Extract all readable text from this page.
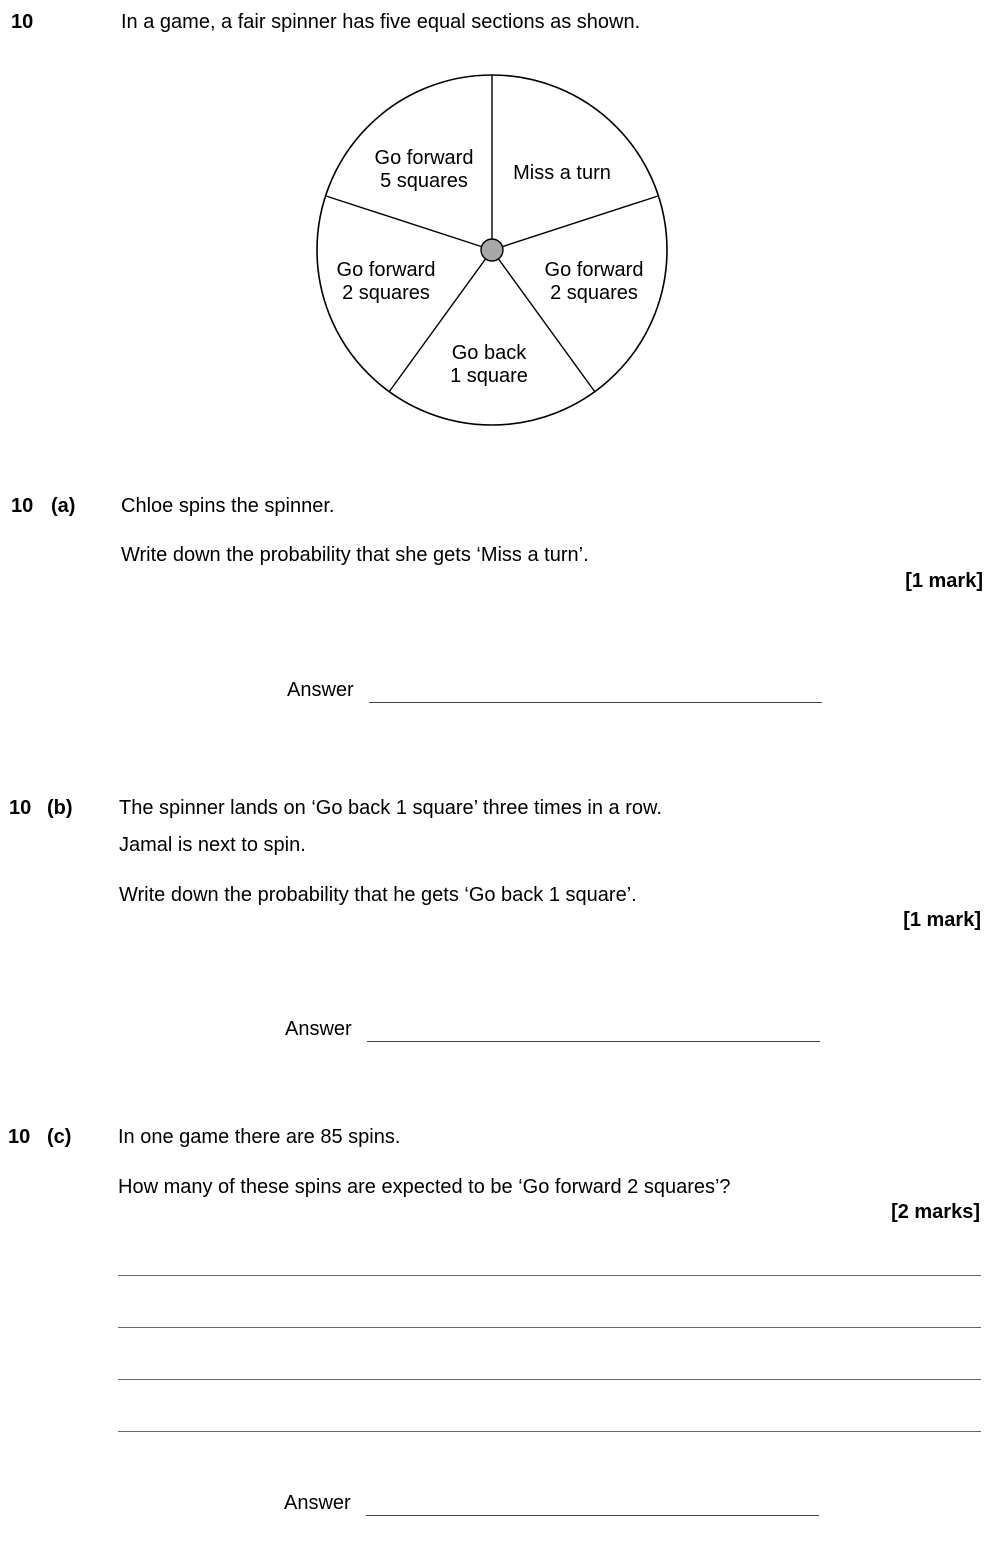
10	In a game, a fair spinner has five equal sections as shown.
Go forward
5 squares Miss a turn
Go forward
2 squares
Go back
1 square
Go forward
2 squares
10 (a) Chloe spins the spinner.
Write down the probability that she gets ‘Miss a turn’.
[1 mark]
Answer
10 (b) The spinner lands on ‘Go back 1 square’ three times in a row.
Jamal is next to spin.
Write down the probability that he gets ‘Go back 1 square’.
[1 mark]
Answer
10 (c) In one game there are 85 spins.
How many of these spins are expected to be ‘Go forward 2 squares’?
[2 marks]
Answer
